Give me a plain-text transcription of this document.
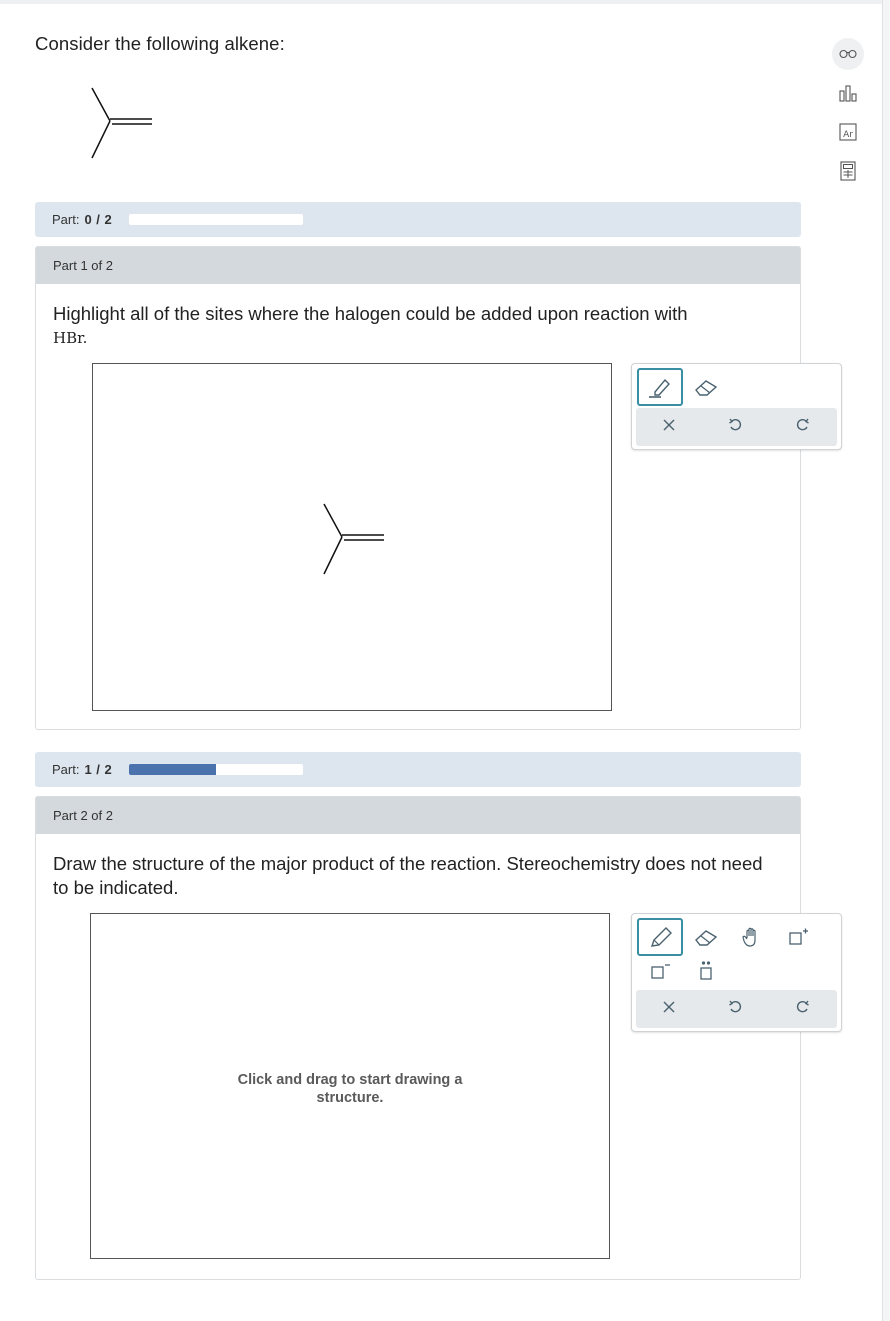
Consider the following alkene:
Ar
Part: 0 / 2
Part 1 of 2
Highlight all of the sites where the halogen could be added upon reaction with
HBr.
Part: 1 / 2
Part 2 of 2
Draw the structure of the major product of the reaction. Stereochemistry does not need to be indicated.
Click and drag to start drawing a
structure.
